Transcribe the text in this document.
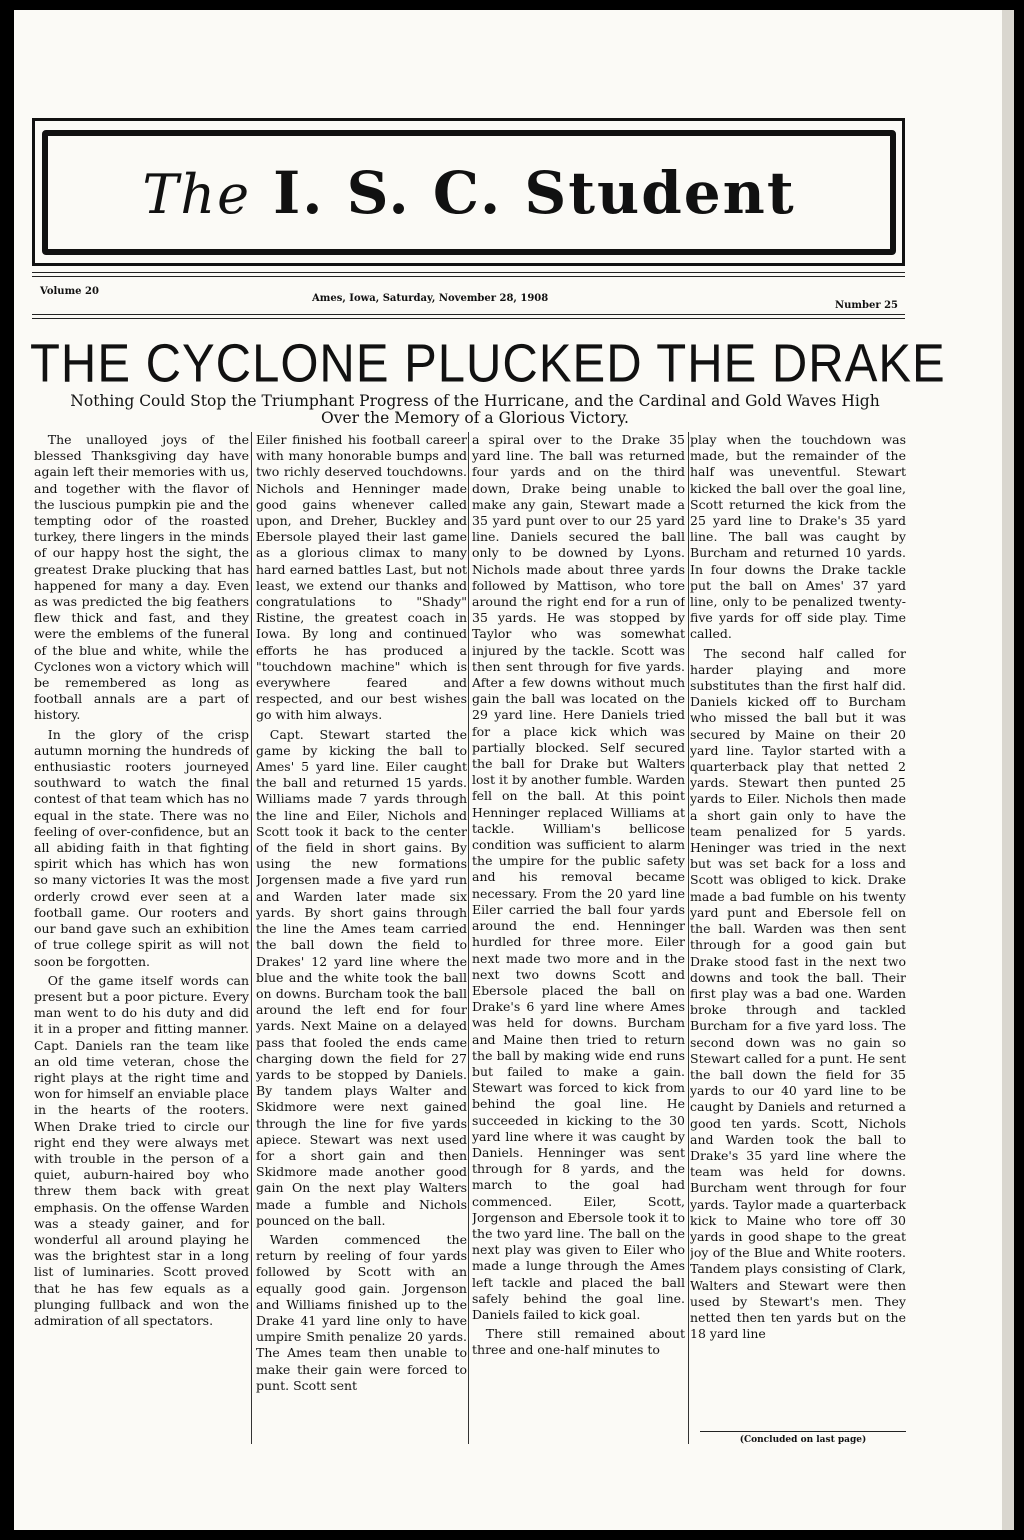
The I. S. C. Student
Volume 20
Ames, Iowa, Saturday, November 28, 1908
Number 25
THE CYCLONE PLUCKED THE DRAKE
Nothing Could Stop the Triumphant Progress of the Hurricane, and the Cardinal and Gold Waves High Over the Memory of a Glorious Victory.

The unalloyed joys of the blessed Thanksgiving day have again left their memories with us, and together with the flavor of the luscious pumpkin pie and the tempting odor of the roasted turkey, there lingers in the minds of our happy host the sight, the greatest Drake plucking that has happened for many a day. Even as was predicted the big feathers flew thick and fast, and they were the emblems of the funeral of the blue and white, while the Cyclones won a victory which will be remembered as long as football annals are a part of history.

In the glory of the crisp autumn morning the hundreds of enthusiastic rooters journeyed southward to watch the final contest of that team which has no equal in the state. There was no feeling of over-confidence, but an all abiding faith in that fighting spirit which has which has won so many victories It was the most orderly crowd ever seen at a football game. Our rooters and our band gave such an exhibition of true college spirit as will not soon be forgotten.

Of the game itself words can present but a poor picture. Every man went to do his duty and did it in a proper and fitting manner. Capt. Daniels ran the team like an old time veteran, chose the right plays at the right time and won for himself an enviable place in the hearts of the rooters. When Drake tried to circle our right end they were always met with trouble in the person of a quiet, auburn-haired boy who threw them back with great emphasis. On the offense Warden was a steady gainer, and for wonderful all around playing he was the brightest star in a long list of luminaries. Scott proved that he has few equals as a plunging fullback and won the admiration of all spectators.

Eiler finished his football career with many honorable bumps and two richly deserved touchdowns. Nichols and Henninger made good gains whenever called upon, and Dreher, Buckley and Ebersole played their last game as a glorious climax to many hard earned battles Last, but not least, we extend our thanks and congratulations to "Shady" Ristine, the greatest coach in Iowa. By long and continued efforts he has produced a "touchdown machine" which is everywhere feared and respected, and our best wishes go with him always.

Capt. Stewart started the game by kicking the ball to Ames' 5 yard line. Eiler caught the ball and returned 15 yards. Williams made 7 yards through the line and Eiler, Nichols and Scott took it back to the center of the field in short gains. By using the new formations Jorgensen made a five yard run and Warden later made six yards. By short gains through the line the Ames team carried the ball down the field to Drakes' 12 yard line where the blue and the white took the ball on downs. Burcham took the ball around the left end for four yards. Next Maine on a delayed pass that fooled the ends came charging down the field for 27 yards to be stopped by Daniels. By tandem plays Walter and Skidmore were next gained through the line for five yards apiece. Stewart was next used for a short gain and then Skidmore made another good gain On the next play Walters made a fumble and Nichols pounced on the ball.

Warden commenced the return by reeling of four yards followed by Scott with an equally good gain. Jorgenson and Williams finished up to the Drake 41 yard line only to have umpire Smith penalize 20 yards. The Ames team then unable to make their gain were forced to punt. Scott sent

a spiral over to the Drake 35 yard line. The ball was returned four yards and on the third down, Drake being unable to make any gain, Stewart made a 35 yard punt over to our 25 yard line. Daniels secured the ball only to be downed by Lyons. Nichols made about three yards followed by Mattison, who tore around the right end for a run of 35 yards. He was stopped by Taylor who was somewhat injured by the tackle. Scott was then sent through for five yards. After a few downs without much gain the ball was located on the 29 yard line. Here Daniels tried for a place kick which was partially blocked. Self secured the ball for Drake but Walters lost it by another fumble. Warden fell on the ball. At this point Henninger replaced Williams at tackle. William's bellicose condition was sufficient to alarm the umpire for the public safety and his removal became necessary. From the 20 yard line Eiler carried the ball four yards around the end. Henninger hurdled for three more. Eiler next made two more and in the next two downs Scott and Ebersole placed the ball on Drake's 6 yard line where Ames was held for downs. Burcham and Maine then tried to return the ball by making wide end runs but failed to make a gain. Stewart was forced to kick from behind the goal line. He succeeded in kicking to the 30 yard line where it was caught by Daniels. Henninger was sent through for 8 yards, and the march to the goal had commenced. Eiler, Scott, Jorgenson and Ebersole took it to the two yard line. The ball on the next play was given to Eiler who made a lunge through the Ames left tackle and placed the ball safely behind the goal line. Daniels failed to kick goal.

There still remained about three and one-half minutes to

play when the touchdown was made, but the remainder of the half was uneventful. Stewart kicked the ball over the goal line, Scott returned the kick from the 25 yard line to Drake's 35 yard line. The ball was caught by Burcham and returned 10 yards. In four downs the Drake tackle put the ball on Ames' 37 yard line, only to be penalized twenty-five yards for off side play. Time called.

The second half called for harder playing and more substitutes than the first half did. Daniels kicked off to Burcham who missed the ball but it was secured by Maine on their 20 yard line. Taylor started with a quarterback play that netted 2 yards. Stewart then punted 25 yards to Eiler. Nichols then made a short gain only to have the team penalized for 5 yards. Heninger was tried in the next but was set back for a loss and Scott was obliged to kick. Drake made a bad fumble on his twenty yard punt and Ebersole fell on the ball. Warden was then sent through for a good gain but Drake stood fast in the next two downs and took the ball. Their first play was a bad one. Warden broke through and tackled Burcham for a five yard loss. The second down was no gain so Stewart called for a punt. He sent the ball down the field for 35 yards to our 40 yard line to be caught by Daniels and returned a good ten yards. Scott, Nichols and Warden took the ball to Drake's 35 yard line where the team was held for downs. Burcham went through for four yards. Taylor made a quarterback kick to Maine who tore off 30 yards in good shape to the great joy of the Blue and White rooters. Tandem plays consisting of Clark, Walters and Stewart were then used by Stewart's men. They netted then ten yards but on the 18 yard line

(Concluded on last page)
